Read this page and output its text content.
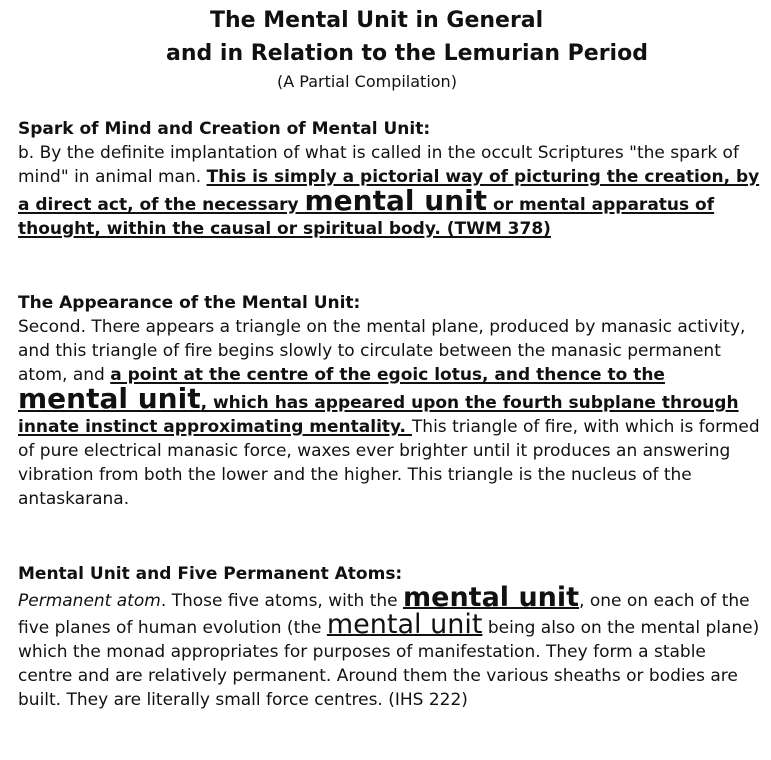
The Mental Unit in General
and in Relation to the Lemurian Period
(A Partial Compilation)
Spark of Mind and Creation of Mental Unit:
b. By the definite implantation of what is called in the occult Scriptures "the spark of mind" in animal man. This is simply a pictorial way of picturing the creation, by a direct act, of the necessary mental unit or mental apparatus of thought, within the causal or spiritual body. (TWM 378)
The Appearance of the Mental Unit:
Second. There appears a triangle on the mental plane, produced by manasic activity, and this triangle of fire begins slowly to circulate between the manasic permanent atom, and a point at the centre of the egoic lotus, and thence to the mental unit, which has appeared upon the fourth subplane through innate instinct approximating mentality. This triangle of fire, with which is formed of pure electrical manasic force, waxes ever brighter until it produces an answering vibration from both the lower and the higher. This triangle is the nucleus of the antaskarana.
Mental Unit and Five Permanent Atoms:
Permanent atom. Those five atoms, with the mental unit, one on each of the five planes of human evolution (the mental unit being also on the mental plane) which the monad appropriates for purposes of manifestation. They form a stable centre and are relatively permanent. Around them the various sheaths or bodies are built. They are literally small force centres. (IHS 222)
